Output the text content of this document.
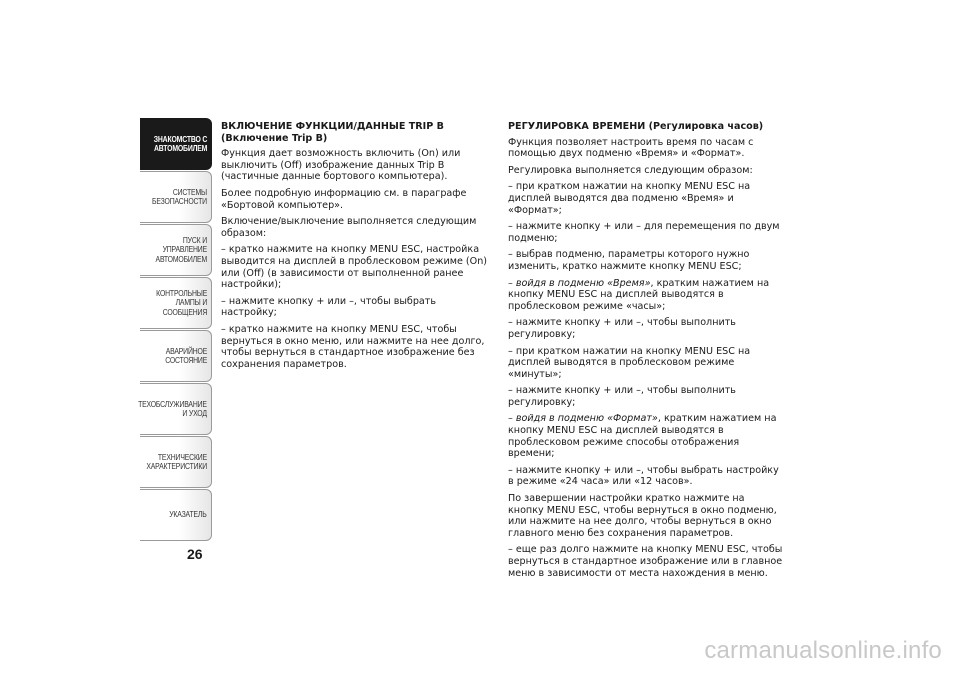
ЗНАКОМСТВО С
АВТОМОБИЛЕМ
СИСТЕМЫ
БЕЗОПАСНОСТИ
ПУСК И УПРАВЛЕНИЕ
АВТОМОБИЛЕМ
КОНТРОЛЬНЫЕ
ЛАМПЫ И
СООБЩЕНИЯ
АВАРИЙНОЕ
СОСТОЯНИЕ
ТЕХОБСЛУЖИВАНИЕ
И УХОД
ТЕХНИЧЕСКИЕ
ХАРАКТЕРИСТИКИ
УКАЗАТЕЛЬ
26
ВКЛЮЧЕНИЕ ФУНКЦИИ/ДАННЫЕ TRIP B (Включение Trip B)

Функция дает возможность включить (On) или выключить (Off) изображение данных Trip B (частичные данные бортового компьютера).

Более подробную информацию см. в параграфе «Бортовой компьютер».

Включение/выключение выполняется следующим образом:

– кратко нажмите на кнопку MENU ESC, настройка выводится на дисплей в проблесковом режиме (On) или (Off) (в зависимости от выполненной ранее настройки);

– нажмите кнопку + или –, чтобы выбрать настройку;

– кратко нажмите на кнопку MENU ESC, чтобы вернуться в окно меню, или нажмите на нее долго, чтобы вернуться в стандартное изображение без сохранения параметров.

РЕГУЛИРОВКА ВРЕМЕНИ (Регулировка часов)

Функция позволяет настроить время по часам с помощью двух подменю «Время» и «Формат».

Регулировка выполняется следующим образом:

– при кратком нажатии на кнопку MENU ESC на дисплей выводятся два подменю «Время» и «Формат»;

– нажмите кнопку + или – для перемещения по двум подменю;

– выбрав подменю, параметры которого нужно изменить, кратко нажмите кнопку MENU ESC;

– войдя в подменю «Время», кратким нажатием на кнопку MENU ESC на дисплей выводятся в проблесковом режиме «часы»;

– нажмите кнопку + или –, чтобы выполнить регулировку;

– при кратком нажатии на кнопку MENU ESC на дисплей выводятся в проблесковом режиме «минуты»;

– нажмите кнопку + или –, чтобы выполнить регулировку;

– войдя в подменю «Формат», кратким нажатием на кнопку MENU ESC на дисплей выводятся в проблесковом режиме способы отображения времени;

– нажмите кнопку + или –, чтобы выбрать настройку в режиме «24 часа» или «12 часов».

По завершении настройки кратко нажмите на кнопку MENU ESC, чтобы вернуться в окно подменю, или нажмите на нее долго, чтобы вернуться в окно главного меню без сохранения параметров.

– еще раз долго нажмите на кнопку MENU ESC, чтобы вернуться в стандартное изображение или в главное меню в зависимости от места нахождения в меню.

carmanualsonline.info
